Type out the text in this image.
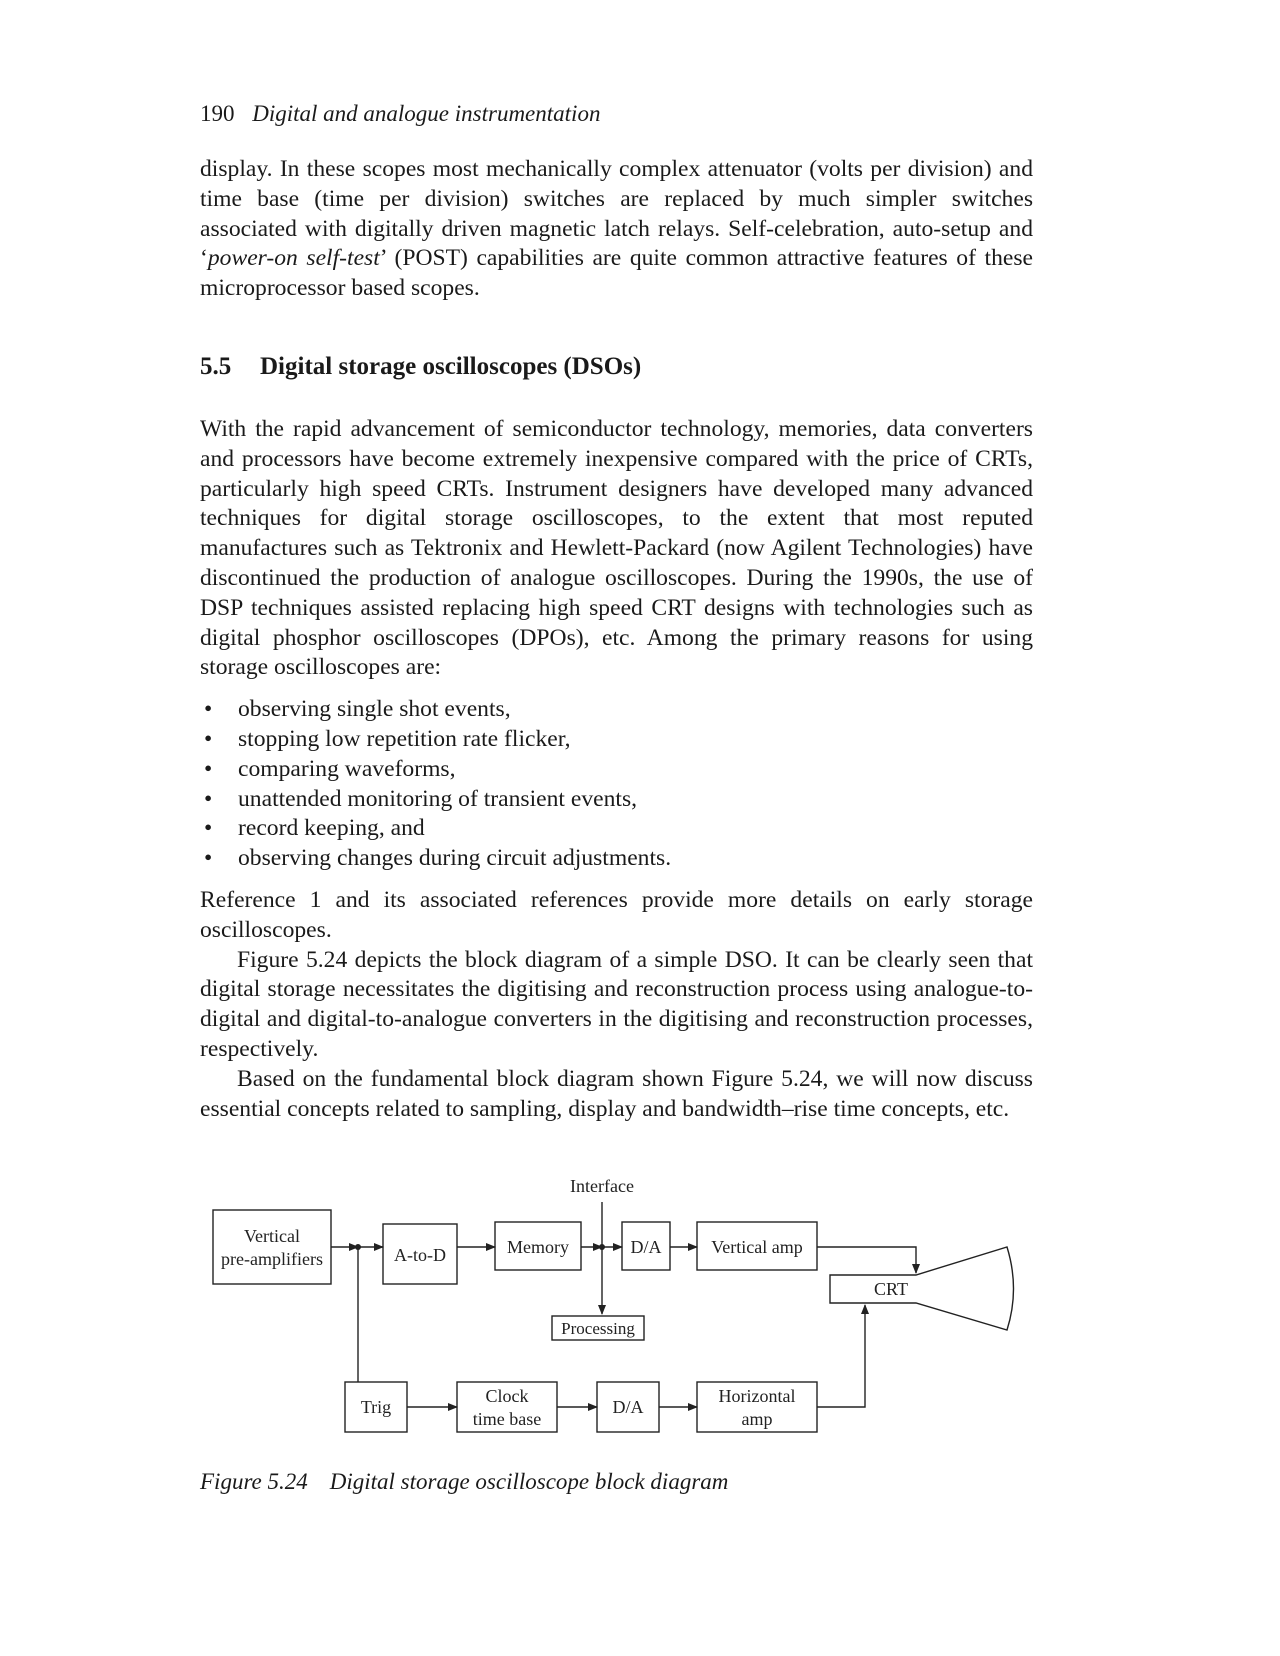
190 Digital and analogue instrumentation

display. In these scopes most mechanically complex attenuator (volts per division) and time base (time per division) switches are replaced by much simpler switches associated with digitally driven magnetic latch relays. Self-celebration, auto-setup and ‘power-on self-test’ (POST) capabilities are quite common attractive features of these microprocessor based scopes.

5.5 Digital storage oscilloscopes (DSOs)

With the rapid advancement of semiconductor technology, memories, data converters and processors have become extremely inexpensive compared with the price of CRTs, particularly high speed CRTs. Instrument designers have developed many advanced techniques for digital storage oscilloscopes, to the extent that most reputed manufactures such as Tektronix and Hewlett-Packard (now Agilent Technologies) have discontinued the production of analogue oscilloscopes. During the 1990s, the use of DSP techniques assisted replacing high speed CRT designs with technologies such as digital phosphor oscilloscopes (DPOs), etc. Among the primary reasons for using storage oscilloscopes are:

• observing single shot events,
• stopping low repetition rate flicker,
• comparing waveforms,
• unattended monitoring of transient events,
• record keeping, and
• observing changes during circuit adjustments.

Reference 1 and its associated references provide more details on early storage oscilloscopes.

Figure 5.24 depicts the block diagram of a simple DSO. It can be clearly seen that digital storage necessitates the digitising and reconstruction process using analogue-to-digital and digital-to-analogue converters in the digitising and reconstruction processes, respectively.

Based on the fundamental block diagram shown Figure 5.24, we will now discuss essential concepts related to sampling, display and bandwidth–rise time concepts, etc.

Interface
Vertical
pre-amplifiers	A-to-D	Memory	D/A	Vertical amp
CRT
Processing
Trig
Clock
time base
D/A
Horizontal
amp
Figure 5.24 Digital storage oscilloscope block diagram
